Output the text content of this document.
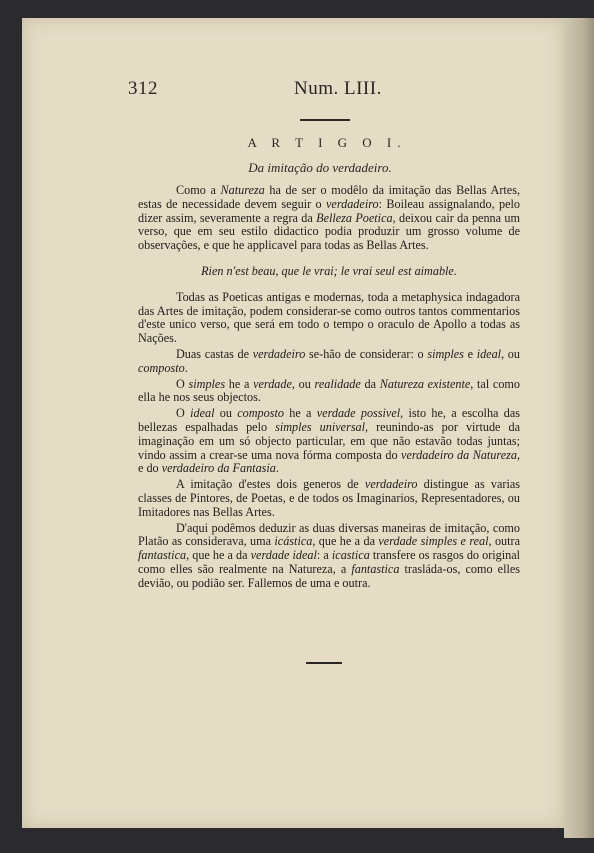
312	Num. LIII.
A R T I G O I.
Da imitação do verdadeiro.

Como a Natureza ha de ser o modêlo da imitação das Bellas Artes, estas de necessidade devem seguir o verdadeiro: Boileau assignalando, pelo dizer assim, severamente a regra da Belleza Poetica, deixou cair da penna um verso, que em seu estilo didactico podia produzir um grosso volume de observações, e que he applicavel para todas as Bellas Artes.

Rien n'est beau, que le vrai; le vrai seul est aimable.

Todas as Poeticas antigas e modernas, toda a metaphysica indagadora das Artes de imitação, podem considerar-se como outros tantos commentarios d'este unico verso, que será em todo o tempo o oraculo de Apollo a todas as Nações.

Duas castas de verdadeiro se-hão de considerar: o simples e ideal, ou composto.

O simples he a verdade, ou realidade da Natureza existente, tal como ella he nos seus objectos.

O ideal ou composto he a verdade possivel, isto he, a escolha das bellezas espalhadas pelo simples universal, reunindo-as por virtude da imaginação em um só objecto particular, em que não estavão todas juntas; vindo assim a crear-se uma nova fórma composta do verdadeiro da Natureza, e do verdadeiro da Fantasia.

A imitação d'estes dois generos de verdadeiro distingue as varias classes de Pintores, de Poetas, e de todos os Imaginarios, Representadores, ou Imitadores nas Bellas Artes.

D'aqui podêmos deduzir as duas diversas maneiras de imitação, como Platão as considerava, uma icástica, que he a da verdade simples e real, outra fantastica, que he a da verdade ideal: a icastica transfere os rasgos do original como elles são realmente na Natureza, a fantastica trasláda-os, como elles devião, ou podião ser. Fallemos de uma e outra.
